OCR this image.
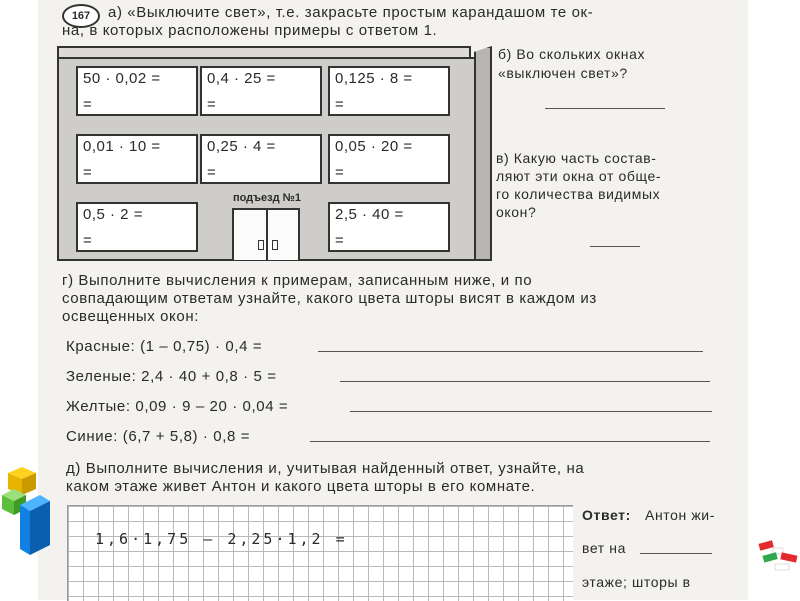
167	а) «Выключите свет», т.е. закрасьте простым карандашом те ок-
на, в которых расположены примеры с ответом 1.
50 · 0,02 =
=
0,4 · 25 =
=
0,125 · 8 =
=
0,01 · 10 =
=
0,25 · 4 =
=
0,05 · 20 =
=
0,5 · 2 =
=
2,5 · 40 =
=
подъезд №1
б) Во скольких окнах
«выключен свет»?
в) Какую часть состав-
ляют эти окна от обще-
го количества видимых
окон?
г) Выполните вычисления к примерам, записанным ниже, и по
совпадающим ответам узнайте, какого цвета шторы висят в каждом из
освещенных окон:
Красные: (1 – 0,75) · 0,4 =
Зеленые: 2,4 · 40 + 0,8 · 5 =
Желтые: 0,09 · 9 – 20 · 0,04 =
Синие: (6,7 + 5,8) · 0,8 =
д) Выполните вычисления и, учитывая найденный ответ, узнайте, на
каком этаже живет Антон и какого цвета шторы в его комнате.
1,6·1,75 – 2,25·1,2 =
Ответ: Антон жи-
вет на
этаже; шторы в
